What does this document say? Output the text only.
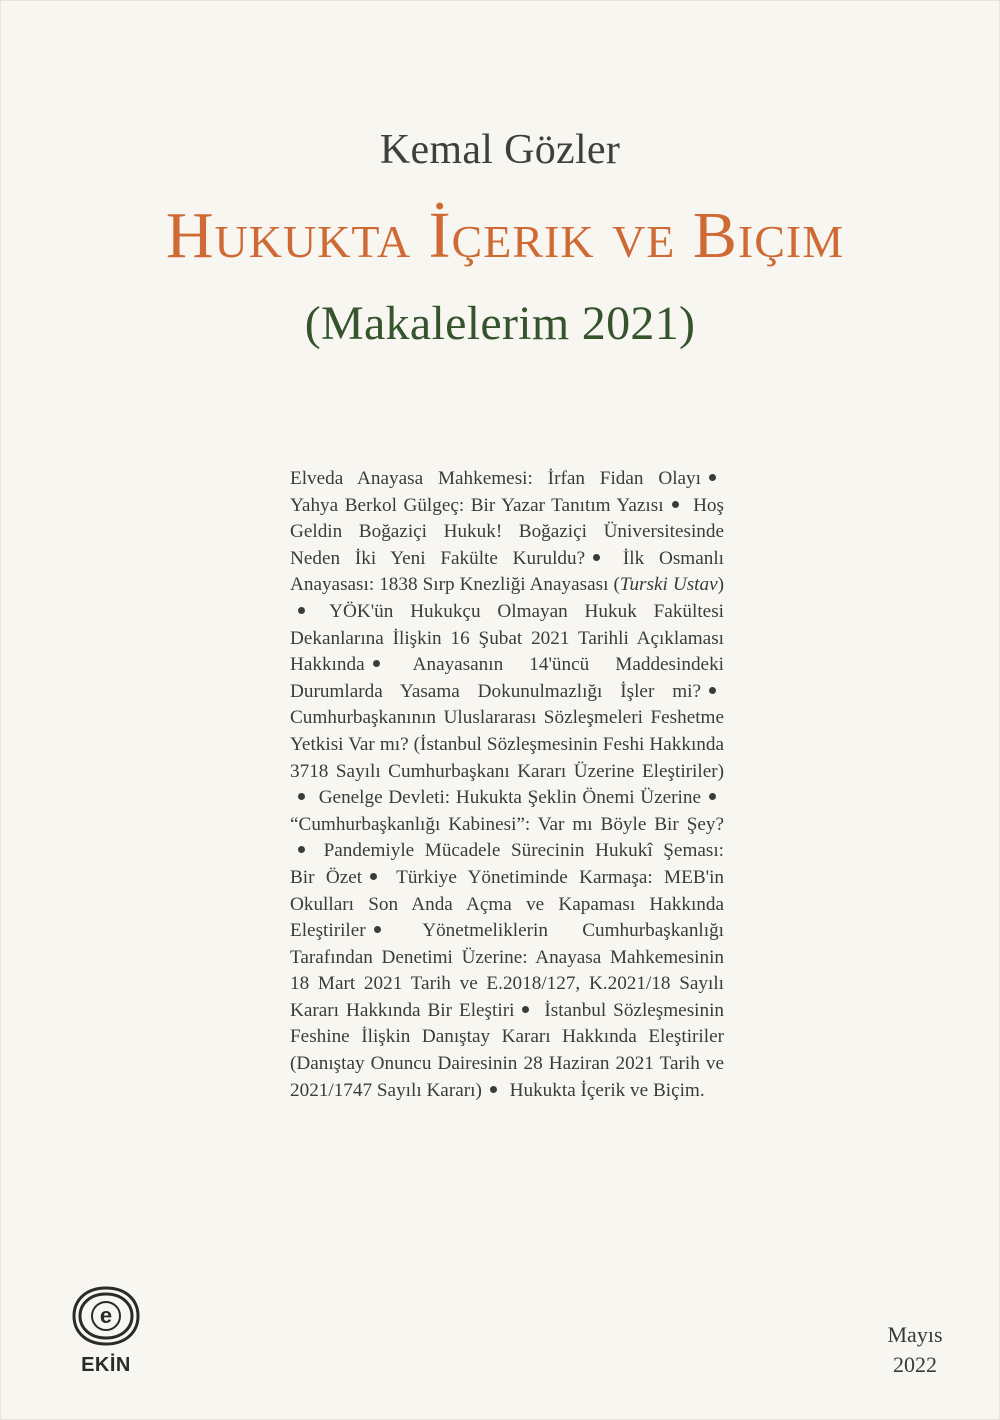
Kemal Gözler
Hukukta İçerik ve Biçim
(Makalelerim 2021)
Elveda Anayasa Mahkemesi: İrfan Fidan Olayı Yahya Berkol Gülgeç: Bir Yazar Tanıtım Yazısı Hoş Geldin Boğaziçi Hukuk! Boğaziçi Üniversitesinde Neden İki Yeni Fakülte Kuruldu? İlk Osmanlı Anayasası: 1838 Sırp Knezliği Anayasası (Turski Ustav) YÖK'ün Hukukçu Olmayan Hukuk Fakültesi Dekanlarına İlişkin 16 Şubat 2021 Tarihli Açıklaması Hakkında	Anayasanın 14'üncü Maddesindeki Durumlarda Yasama Dokunulmazlığı İşler mi? Cumhurbaşkanının Uluslararası Sözleşmeleri Feshetme Yetkisi Var mı? (İstanbul Sözleşmesinin Feshi Hakkında 3718 Sayılı Cumhurbaşkanı Kararı Üzerine Eleştiriler) Genelge Devleti: Hukukta Şeklin Önemi Üzerine “Cumhurbaşkanlığı Kabinesi”: Var mı Böyle Bir Şey? Pandemiyle Mücadele Sürecinin Hukukî Şeması: Bir Özet Türkiye Yönetiminde Karmaşa: MEB'in Okulları Son Anda Açma ve Kapaması Hakkında Eleştiriler	Yönetmeliklerin Cumhurbaşkanlığı Tarafından Denetimi Üzerine: Anayasa Mahkemesinin 18 Mart 2021 Tarih ve E.2018/127, K.2021/18 Sayılı Kararı Hakkında Bir Eleştiri İstanbul Sözleşmesinin Feshine İlişkin Danıştay Kararı Hakkında Eleştiriler (Danıştay Onuncu Dairesinin 28 Haziran 2021 Tarih ve 2021/1747 Sayılı Kararı) Hukukta İçerik ve Biçim.
e
EKİN
Mayıs
2022
